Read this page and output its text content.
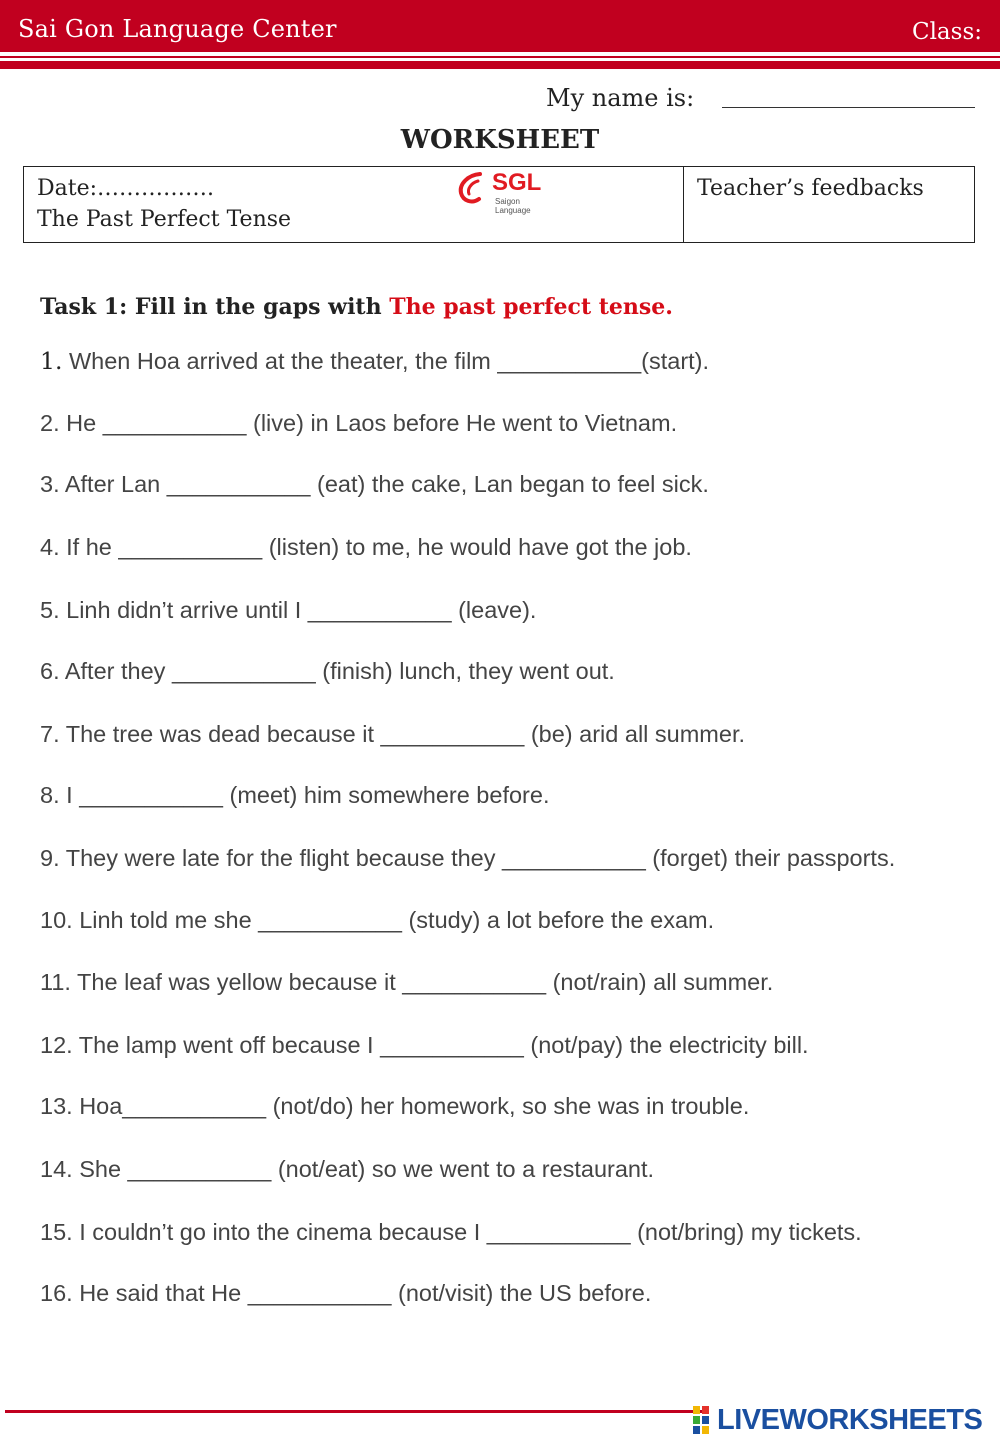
Sai Gon Language Center	Class:
My name is:
WORKSHEET
Date:…………….
The Past Perfect Tense
SGL
Saigon Language
Teacher’s feedbacks
Task 1: Fill in the gaps with The past perfect tense.
1. When Hoa arrived at the theater, the film ___________(start).
2. He ___________ (live) in Laos before He went to Vietnam.
3. After Lan ___________ (eat) the cake, Lan began to feel sick.
4. If he ___________ (listen) to me, he would have got the job.
5. Linh didn’t arrive until I ___________ (leave).
6. After they ___________ (finish) lunch, they went out.
7. The tree was dead because it ___________ (be) arid all summer.
8. I ___________ (meet) him somewhere before.
9. They were late for the flight because they ___________ (forget) their passports.
10. Linh told me she ___________ (study) a lot before the exam.
11. The leaf was yellow because it ___________ (not/rain) all summer.
12. The lamp went off because I ___________ (not/pay) the electricity bill.
13. Hoa___________ (not/do) her homework, so she was in trouble.
14. She ___________ (not/eat) so we went to a restaurant.
15. I couldn’t go into the cinema because I ___________ (not/bring) my tickets.
16. He said that He ___________ (not/visit) the US before.
LIVEWORKSHEETS
